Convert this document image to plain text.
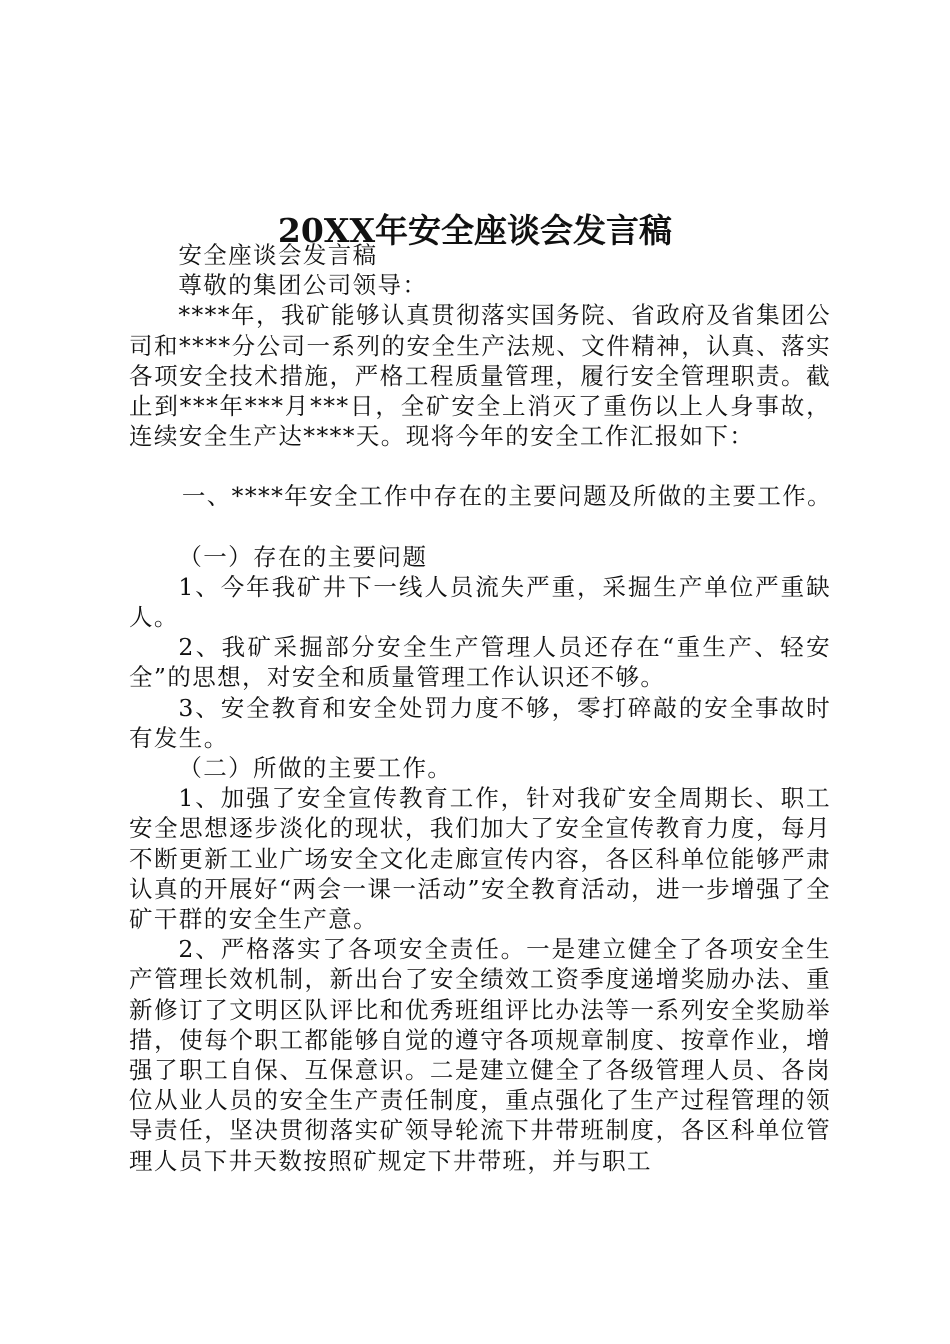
20XX年安全座谈会发言稿

安全座谈会发言稿

尊敬的集团公司领导：

****年，我矿能够认真贯彻落实国务院、省政府及省集团公司和****分公司一系列的安全生产法规、文件精神，认真、落实各项安全技术措施，严格工程质量管理，履行安全管理职责。截止到***年***月***日，全矿安全上消灭了重伤以上人身事故，连续安全生产达****天。现将今年的安全工作汇报如下：

一、****年安全工作中存在的主要问题及所做的主要工作。

（一）存在的主要问题

1、今年我矿井下一线人员流失严重，采掘生产单位严重缺人。

2、我矿采掘部分安全生产管理人员还存在“重生产、轻安全”的思想，对安全和质量管理工作认识还不够。

3、安全教育和安全处罚力度不够，零打碎敲的安全事故时有发生。

（二）所做的主要工作。

1、加强了安全宣传教育工作，针对我矿安全周期长、职工安全思想逐步淡化的现状，我们加大了安全宣传教育力度，每月不断更新工业广场安全文化走廊宣传内容，各区科单位能够严肃认真的开展好“两会一课一活动”安全教育活动，进一步增强了全矿干群的安全生产意。

2、严格落实了各项安全责任。一是建立健全了各项安全生产管理长效机制，新出台了安全绩效工资季度递增奖励办法、重新修订了文明区队评比和优秀班组评比办法等一系列安全奖励举措，使每个职工都能够自觉的遵守各项规章制度、按章作业，增强了职工自保、互保意识。二是建立健全了各级管理人员、各岗位从业人员的安全生产责任制度，重点强化了生产过程管理的领导责任，坚决贯彻落实矿领导轮流下井带班制度，各区科单位管理人员下井天数按照矿规定下井带班，并与职工
